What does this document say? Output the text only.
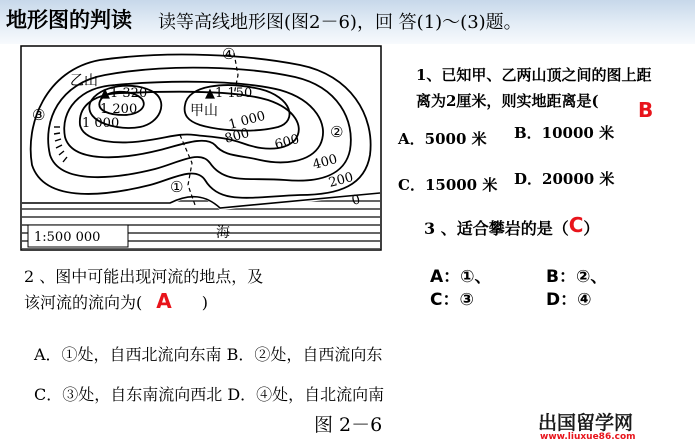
地形图的判读 读等高线地形图(图2－6)，回 答(1)～(3)题。
乙山
▲1 320
1 200
1 000
▲1 150
甲山 1 000
800 600
400
200
0
①
②
③
④
海
1:500 000
1、已知甲、乙两山顶之间的图上距
离为2厘米，则实地距离是( B
A．5000 米 B．10000 米
C．15000 米 D．20000 米
3 、适合攀岩的是（C）
A：①、	B：②、
C：③	D：④
2 、图中可能出现河流的地点，及
该河流的流向为( A )
A．①处，自西北流向东南 B．②处，自西流向东
C．③处，自东南流向西北 D．④处，自北流向南
图 2－6	出国留学网
www.liuxue86.com
